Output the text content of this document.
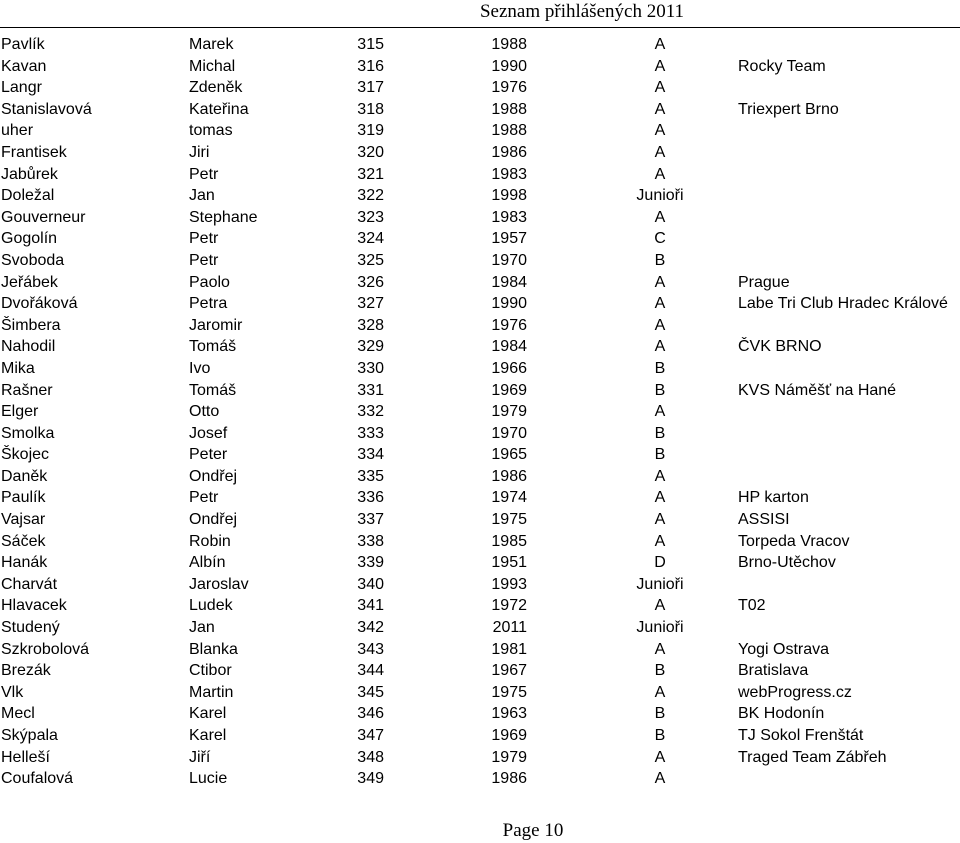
Seznam přihlášených 2011
Pavlík	Marek	315	1988	A
Kavan	Michal	316	1990	A	Rocky Team
Langr	Zdeněk	317	1976	A
Stanislavová	Kateřina	318	1988	A	Triexpert Brno
uher	tomas	319	1988	A
Frantisek	Jiri	320	1986	A
Jabůrek	Petr	321	1983	A
Doležal	Jan	322	1998	Junioři
Gouverneur	Stephane	323	1983	A
Gogolín	Petr	324	1957	C
Svoboda	Petr	325	1970	B
Jeřábek	Paolo	326	1984	A	Prague
Dvořáková	Petra	327	1990	A	Labe Tri Club Hradec Králové
Šimbera	Jaromir	328	1976	A
Nahodil	Tomáš	329	1984	A	ČVK BRNO
Mika	Ivo	330	1966	B
Rašner	Tomáš	331	1969	B	KVS Náměšť na Hané
Elger	Otto	332	1979	A
Smolka	Josef	333	1970	B
Škojec	Peter	334	1965	B
Daněk	Ondřej	335	1986	A
Paulík	Petr	336	1974	A	HP karton
Vajsar	Ondřej	337	1975	A	ASSISI
Sáček	Robin	338	1985	A	Torpeda Vracov
Hanák	Albín	339	1951	D	Brno-Utěchov
Charvát	Jaroslav	340	1993	Junioři
Hlavacek	Ludek	341	1972	A	T02
Studený	Jan	342	2011	Junioři
Szkrobolová	Blanka	343	1981	A	Yogi Ostrava
Brezák	Ctibor	344	1967	B	Bratislava
Vlk	Martin	345	1975	A	webProgress.cz
Mecl	Karel	346	1963	B	BK Hodonín
Skýpala	Karel	347	1969	B	TJ Sokol Frenštát
Helleší	Jiří	348	1979	A	Traged Team Zábřeh
Coufalová	Lucie	349	1986	A
Page 10
